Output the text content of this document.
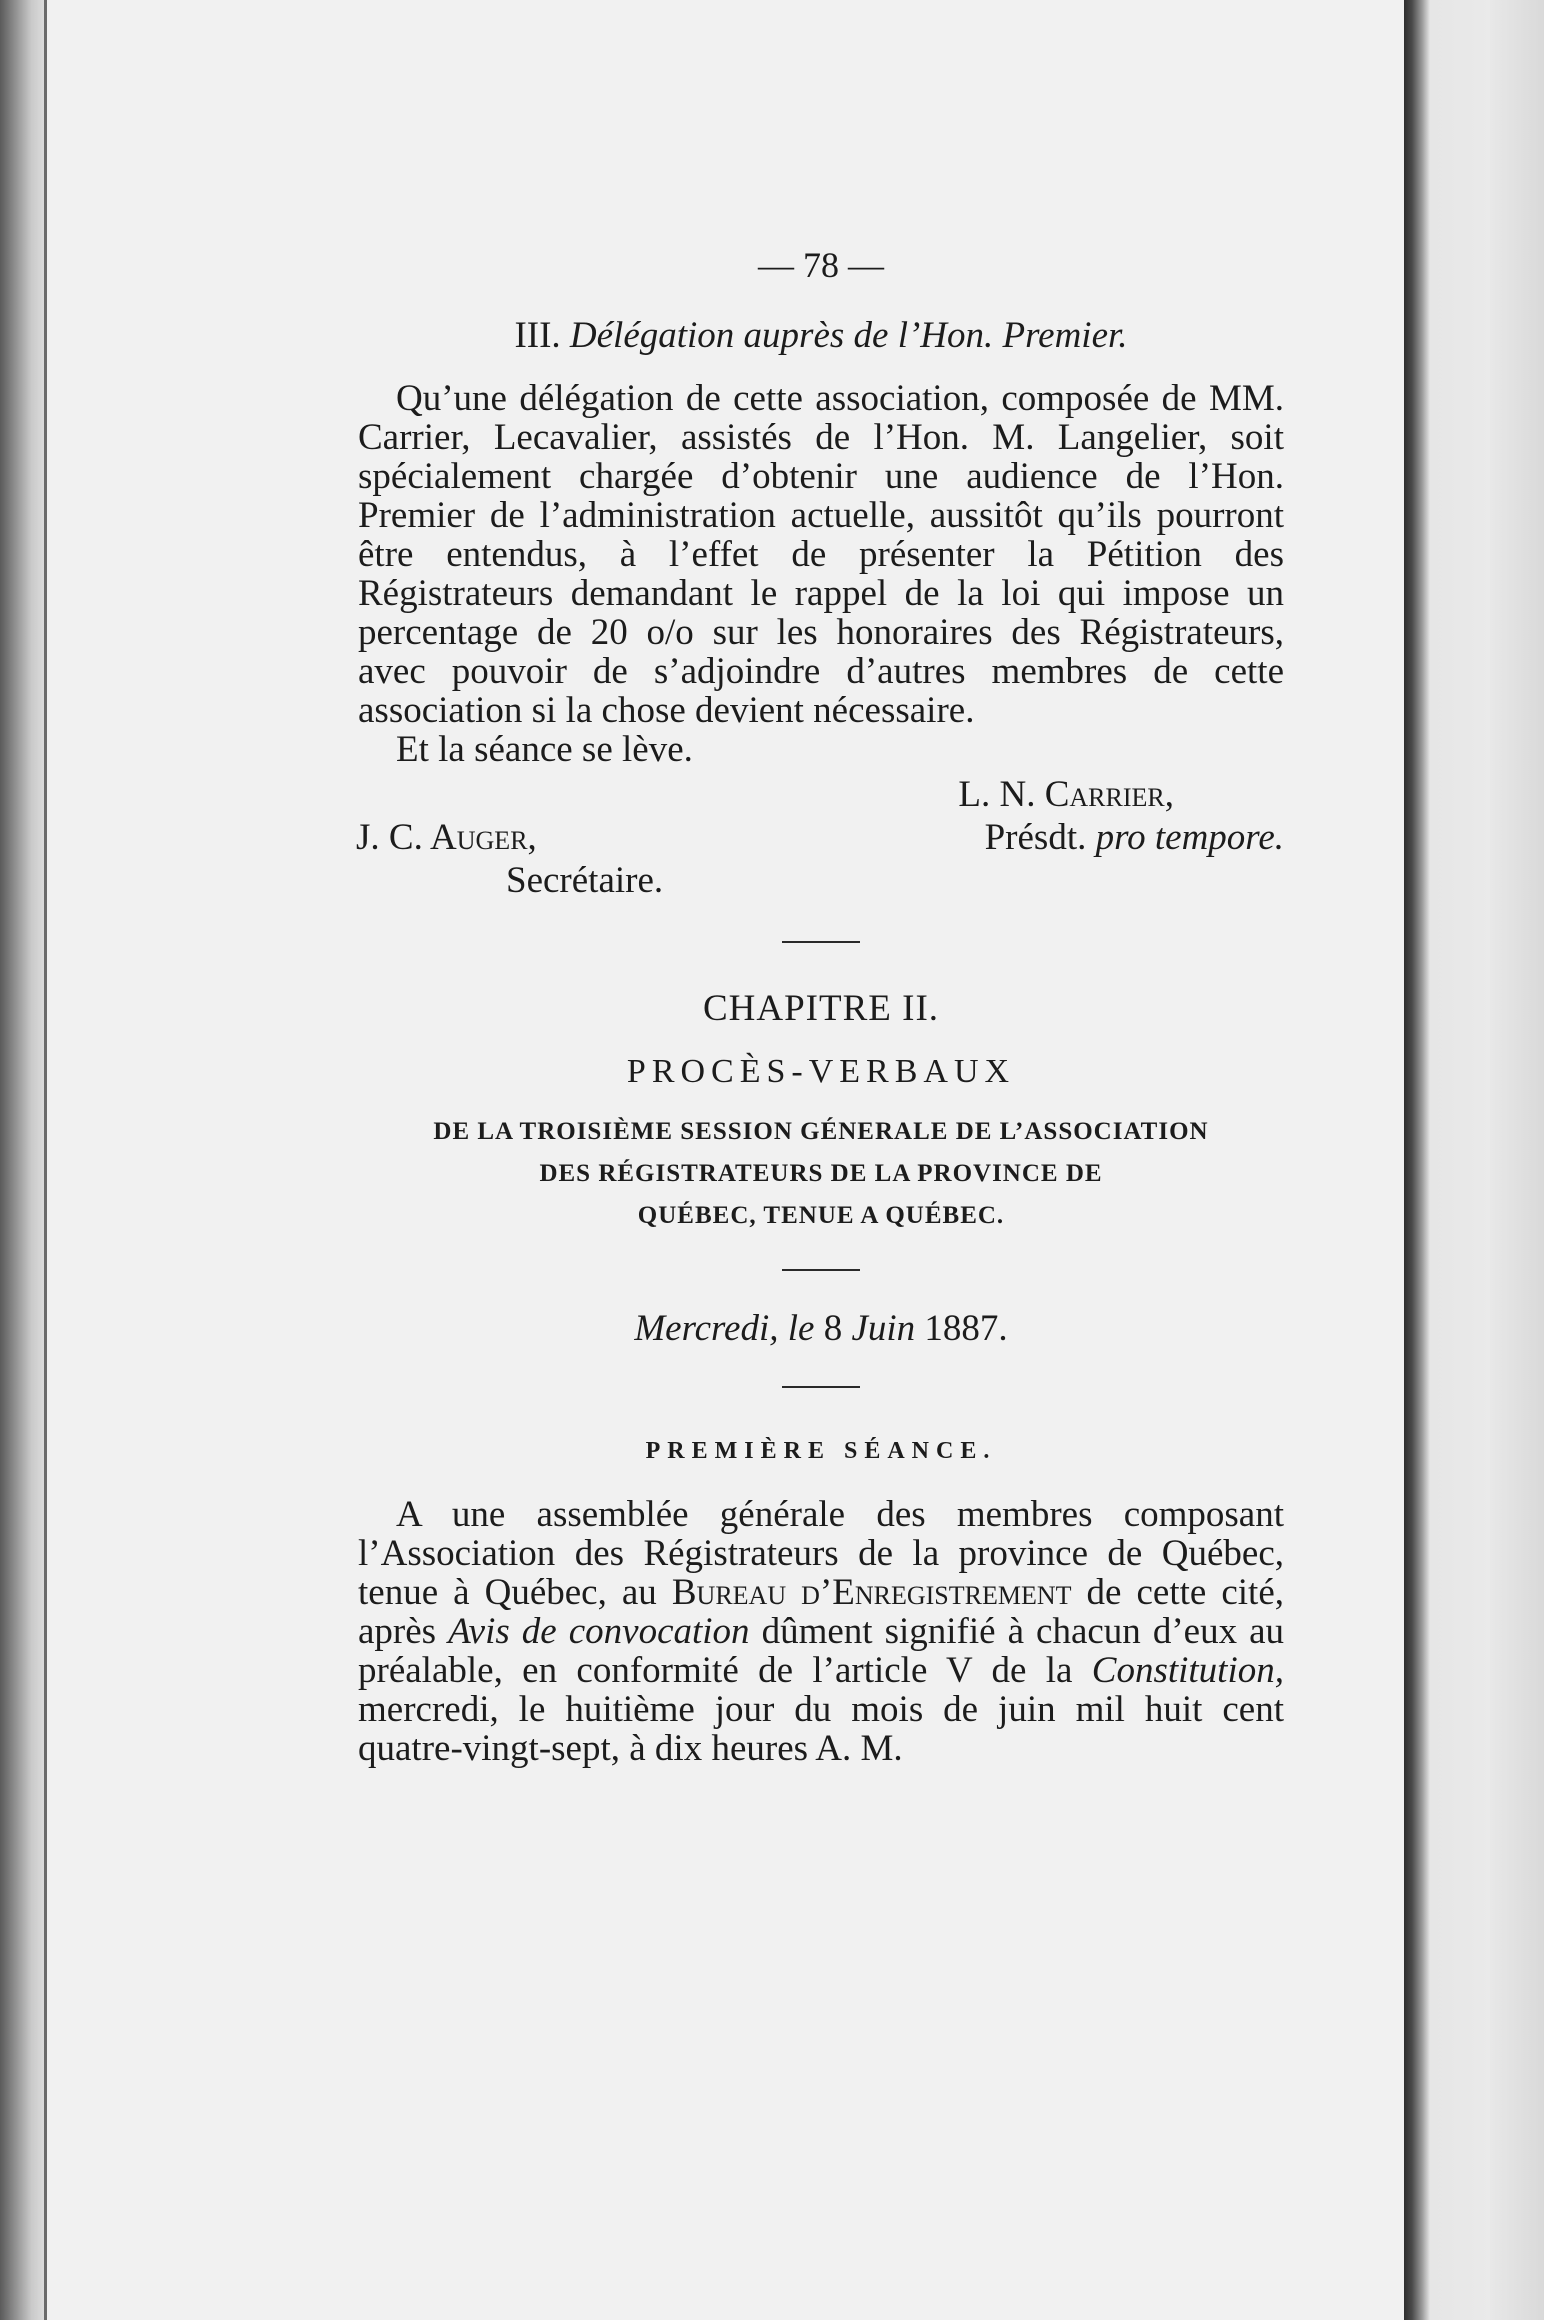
— 78 —
III. Délégation auprès de l’Hon. Premier.

Qu’une délégation de cette association, composée de MM. Carrier, Lecavalier, assistés de l’Hon. M. Langelier, soit spécialement chargée d’obtenir une audience de l’Hon. Premier de l’administration actuelle, aussitôt qu’ils pourront être entendus, à l’effet de présenter la Pétition des Régistrateurs demandant le rappel de la loi qui impose un percentage de 20 o/o sur les honoraires des Régistrateurs, avec pouvoir de s’adjoindre d’autres membres de cette association si la chose devient nécessaire.

Et la séance se lève.

L. N. Carrier,
Présdt. pro tempore.
J. C. Auger,
Secrétaire.
CHAPITRE II.
PROCÈS-VERBAUX
DE LA TROISIÈME SESSION GÉNERALE DE L’ASSOCIATION
DES RÉGISTRATEURS DE LA PROVINCE DE
QUÉBEC, TENUE A QUÉBEC.
Mercredi, le 8 Juin 1887.
PREMIÈRE SÉANCE.

A une assemblée générale des membres composant l’Association des Régistrateurs de la province de Québec, tenue à Québec, au Bureau d’Enregistrement de cette cité, après Avis de convocation dûment signifié à chacun d’eux au préalable, en conformité de l’article V de la Constitution, mercredi, le huitième jour du mois de juin mil huit cent quatre-vingt-sept, à dix heures A. M.
